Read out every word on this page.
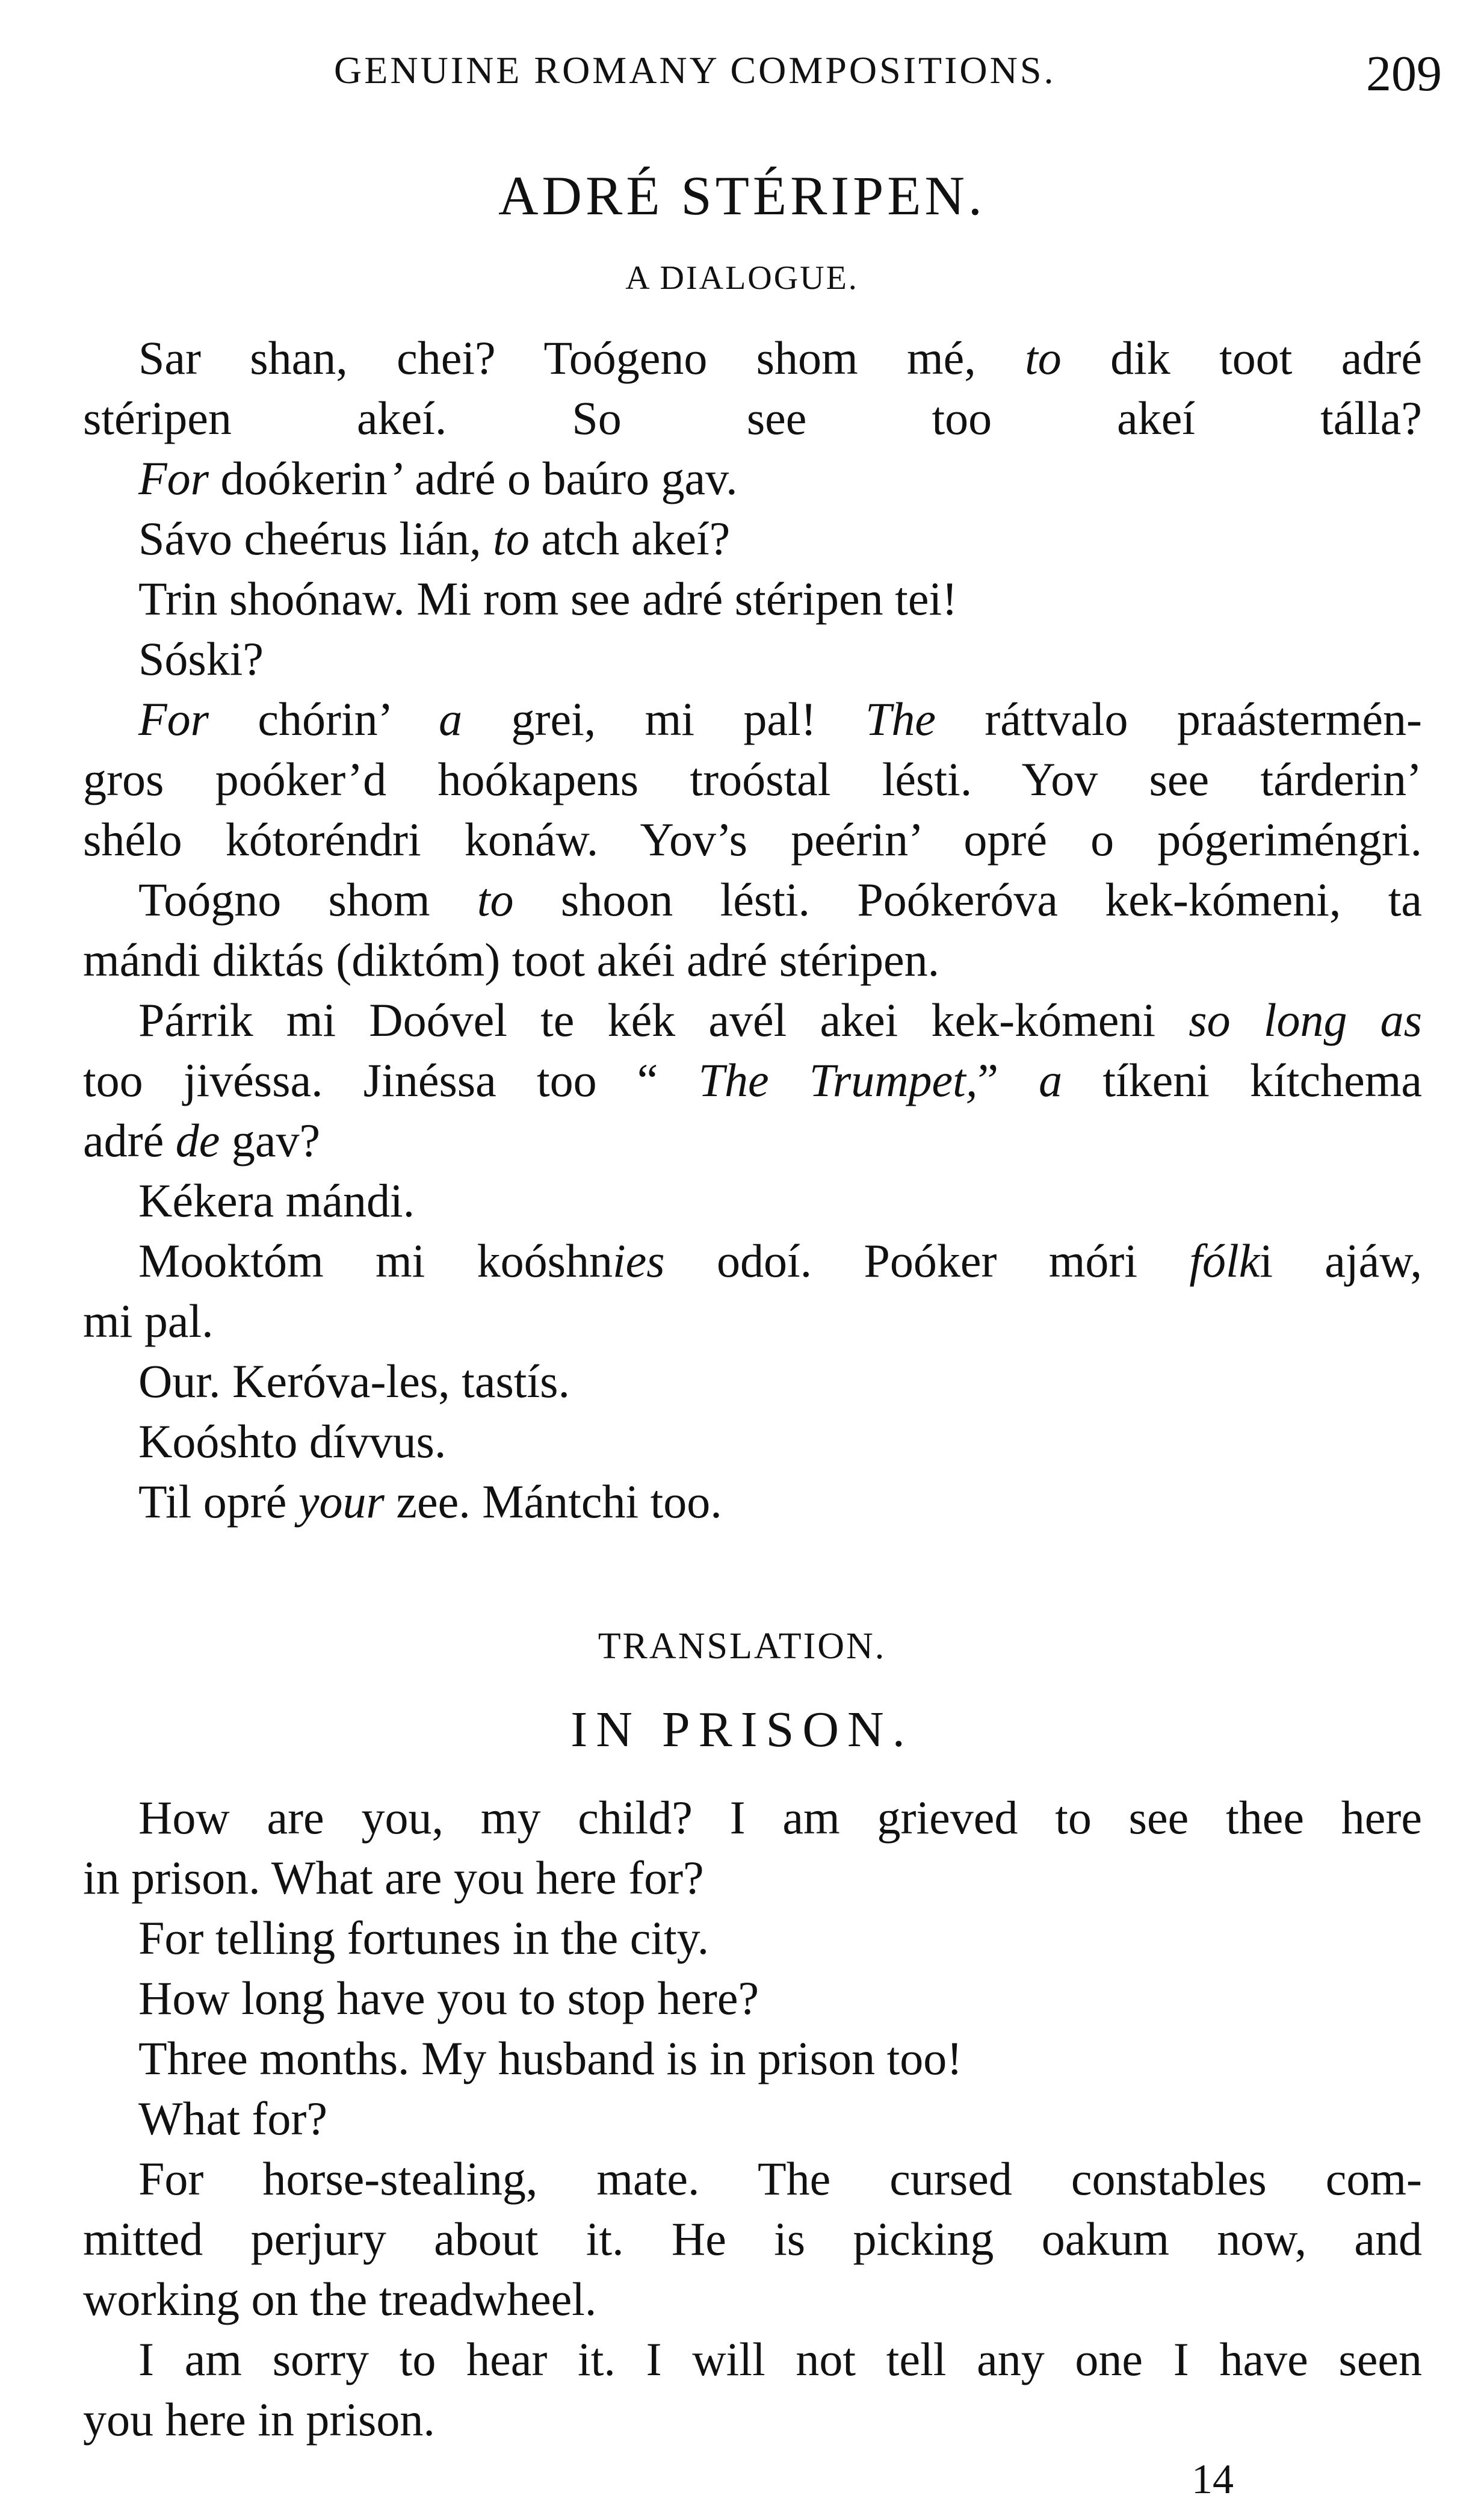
GENUINE ROMANY COMPOSITIONS.	209
ADRÉ STÉRIPEN.
A DIALOGUE.
Sar shan, chei? Toógeno shom mé, to dik toot adré
stéripen akeí. So see too akeí tálla?
For doókerin’ adré o baúro gav.
Sávo cheérus lián, to atch akeí?
Trin shoónaw. Mi rom see adré stéripen tei!
Sóski?
For chórin’ a grei, mi pal! The ráttvalo praástermén-
gros poóker’d hoókapens troóstal lésti. Yov see tárderin’
shélo kótoréndri konáw. Yov’s peérin’ opré o pógeriméngri.
Toógno shom to shoon lésti. Poókeróva kek-kómeni, ta
mándi diktás (diktóm) toot akéi adré stéripen.
Párrik mi Doóvel te kék avél akei kek-kómeni so long as
too jivéssa. Jinéssa too “ The Trumpet,” a tíkeni kítchema
adré de gav?
Kékera mándi.
Mooktóm mi koóshnies odoí. Poóker móri fólki ajáw,
mi pal.
Our. Keróva-les, tastís.
Koóshto dívvus.
Til opré your zee. Mántchi too.
TRANSLATION.
IN PRISON.
How are you, my child? I am grieved to see thee here
in prison. What are you here for?
For telling fortunes in the city.
How long have you to stop here?
Three months. My husband is in prison too!
What for?
For horse-stealing, mate. The cursed constables com-
mitted perjury about it. He is picking oakum now, and
working on the treadwheel.
I am sorry to hear it. I will not tell any one I have seen
you here in prison.
14
